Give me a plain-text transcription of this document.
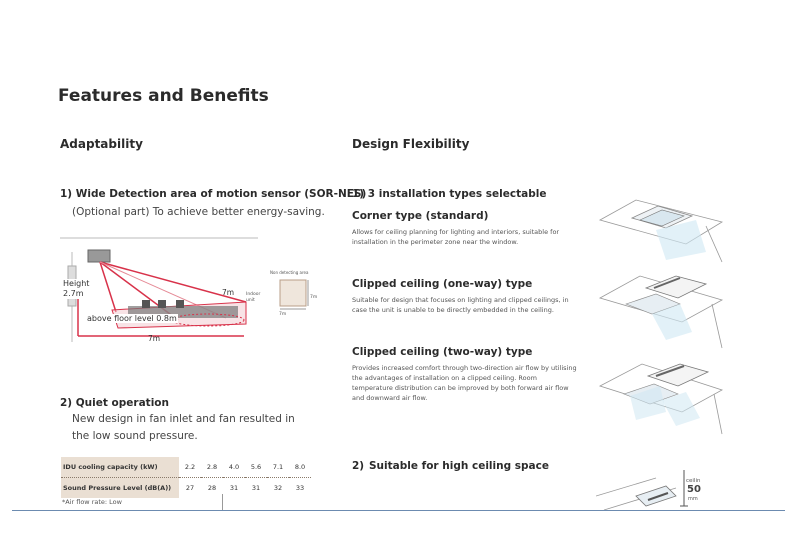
Features and Benefits
Adaptability
1) Wide Detection area of motion sensor (SOR-NES)
(Optional part) To achieve better energy-saving.
Height
2.7m
above floor level 0.8m
7m
7m
Non detecting area
Indoor unit
7m
7m
2) Quiet operation
New design in fan inlet and fan resulted in
the low sound pressure.
IDU cooling capacity (kW)	2.2	2.8	4.0	5.6	7.1	8.0
Sound Pressure Level (dB(A))	27	28	31	31	32	33
*Air flow rate: Low
Design Flexibility
1) 3 installation types selectable
Corner type (standard)
Allows for ceiling planning for lighting and interiors, suitable for installation in the perimeter zone near the window.
Clipped ceiling (one-way) type
Suitable for design that focuses on lighting and clipped ceilings, in case the unit is unable to be directly embedded in the ceiling.
Clipped ceiling (two-way) type
Provides increased comfort through two-direction air flow by utilising the advantages of installation on a clipped ceiling. Room temperature distribution can be improved by both forward air flow and downward air flow.
2) Suitable for high ceiling space
ceilin
50
mm
